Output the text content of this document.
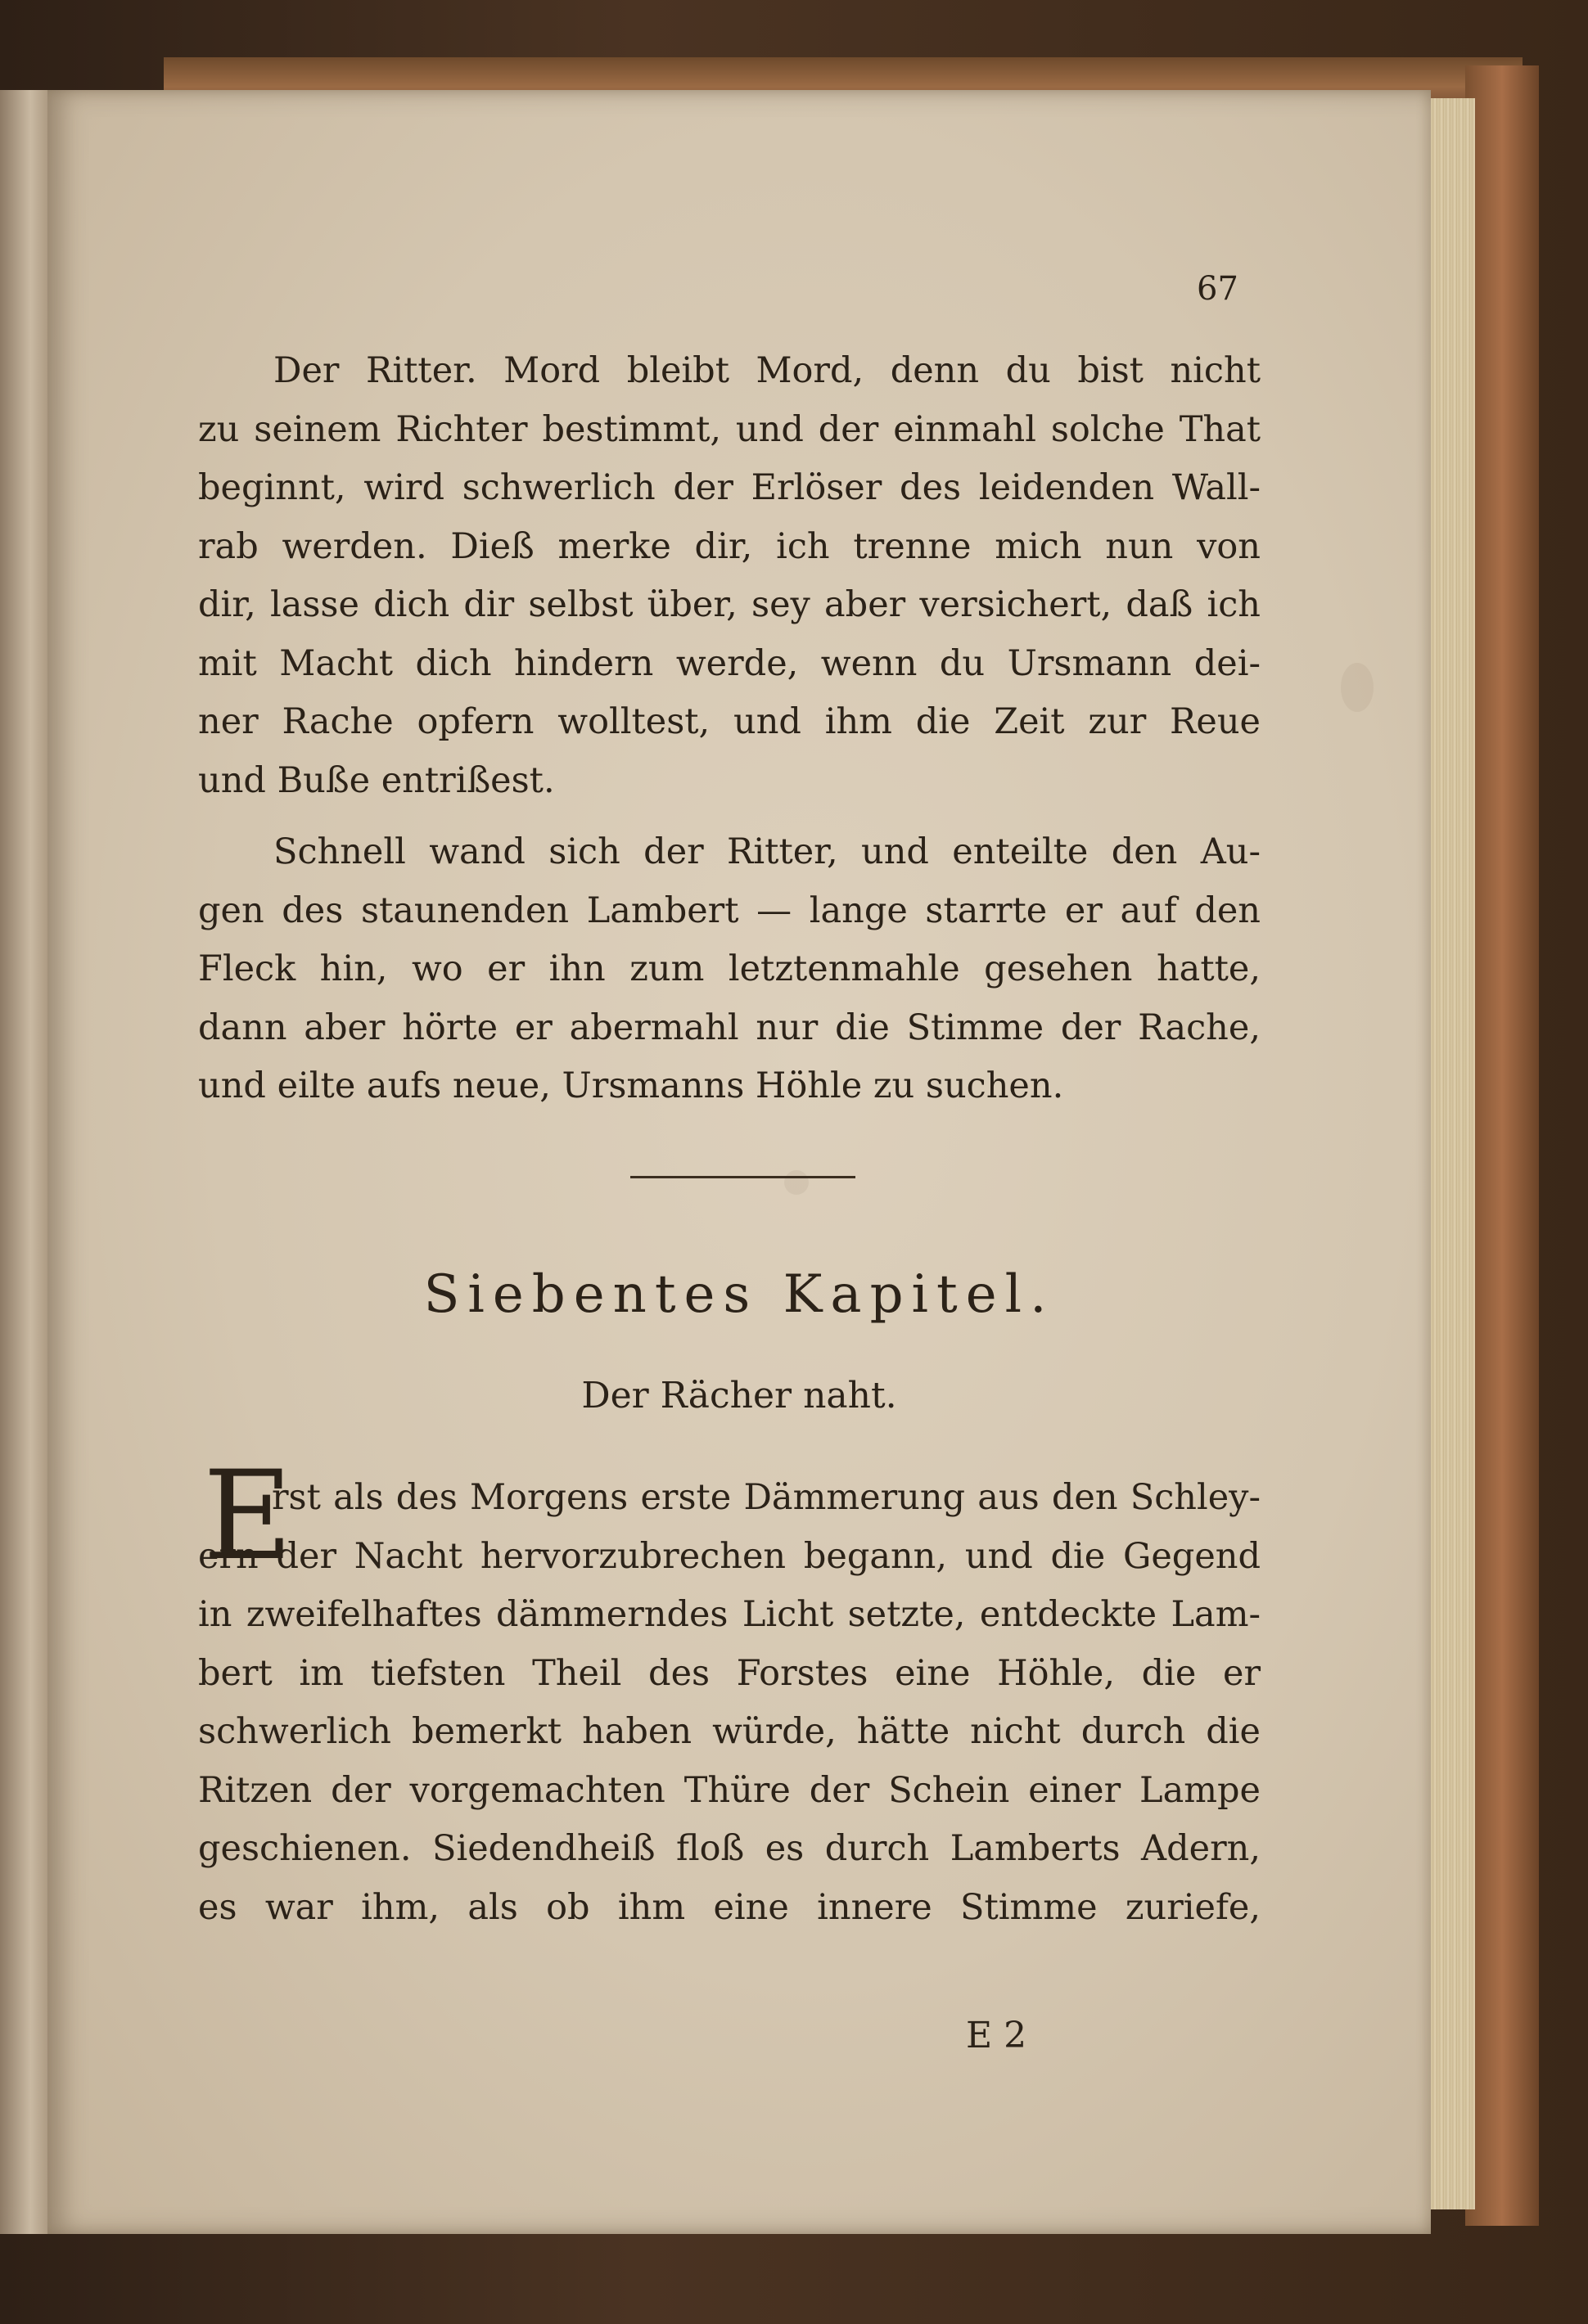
67
Der Ritter. Mord bleibt Mord, denn du bist nicht
zu seinem Richter bestimmt, und der einmahl solche That
beginnt, wird schwerlich der Erlöser des leidenden Wall-
rab werden. Dieß merke dir, ich trenne mich nun von
dir, lasse dich dir selbst über, sey aber versichert, daß ich
mit Macht dich hindern werde, wenn du Ursmann dei-
ner Rache opfern wolltest, und ihm die Zeit zur Reue
und Buße entrißest.
Schnell wand sich der Ritter, und enteilte den Au-
gen des staunenden Lambert — lange starrte er auf den
Fleck hin, wo er ihn zum letztenmahle gesehen hatte,
dann aber hörte er abermahl nur die Stimme der Rache,
und eilte aufs neue, Ursmanns Höhle zu suchen.
Siebentes Kapitel.
Der Rächer naht.
E
rst als des Morgens erste Dämmerung aus den Schley-
ern der Nacht hervorzubrechen begann, und die Gegend
in zweifelhaftes dämmerndes Licht setzte, entdeckte Lam-
bert im tiefsten Theil des Forstes eine Höhle, die er
schwerlich bemerkt haben würde, hätte nicht durch die
Ritzen der vorgemachten Thüre der Schein einer Lampe
geschienen. Siedendheiß floß es durch Lamberts Adern,
es war ihm, als ob ihm eine innere Stimme zuriefe,
E 2
